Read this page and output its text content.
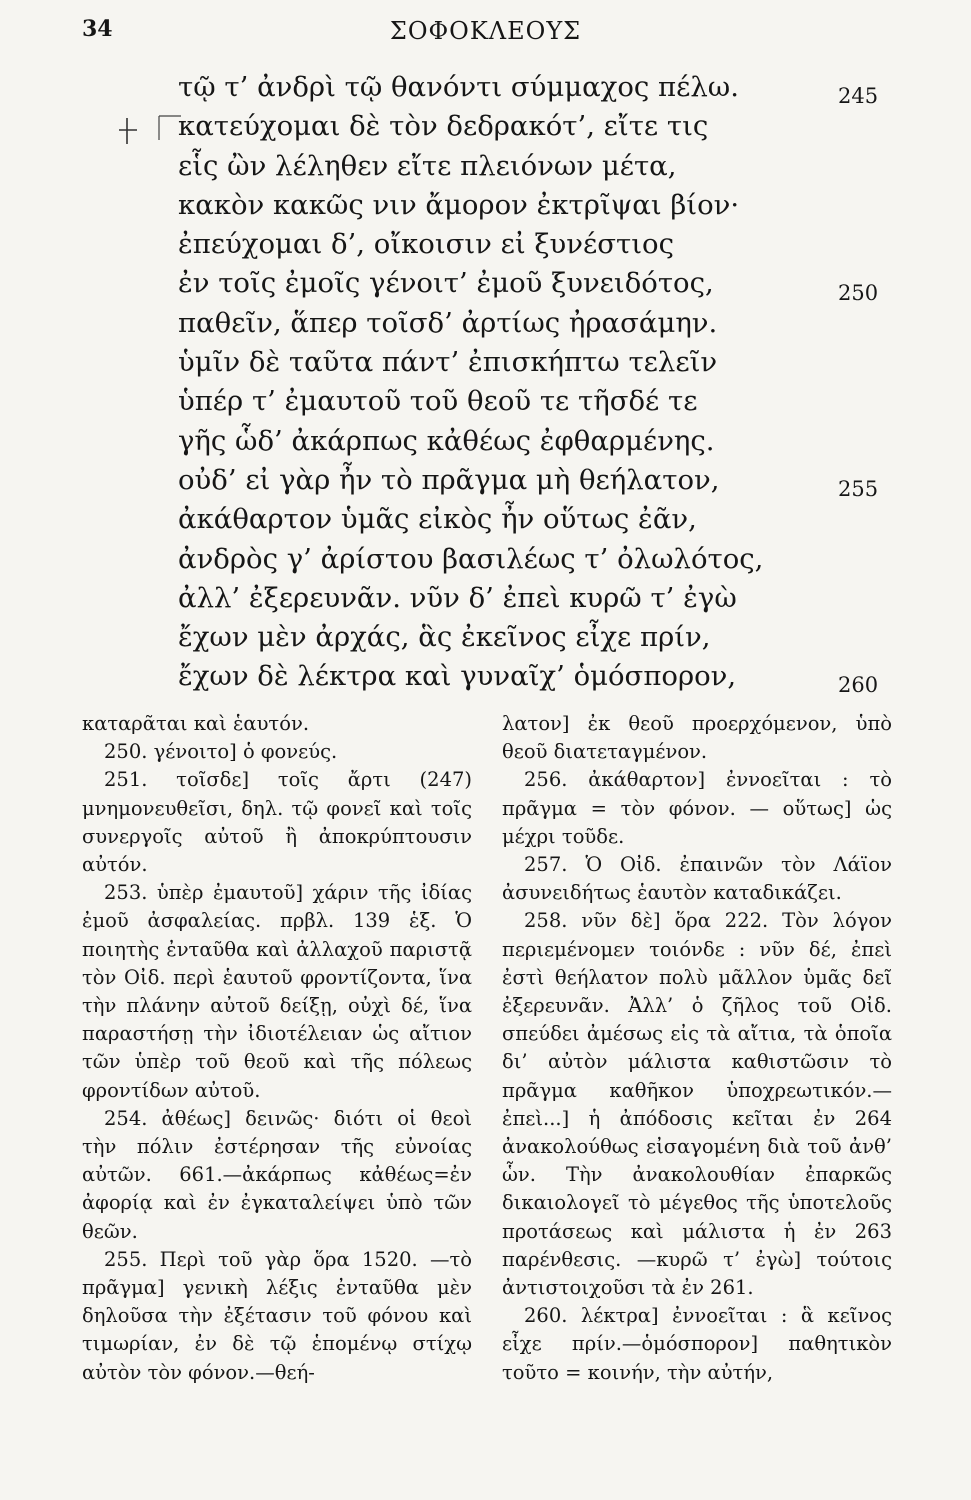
34	ΣΟΦΟΚΛΕΟΥΣ
τῷ τ’ ἀνδρὶ τῷ θανόντι σύμμαχος πέλω.
κατεύχομαι δὲ τὸν δεδρακότ’, εἴτε τις
εἷς ὢν λέληθεν εἴτε πλειόνων μέτα,
κακὸν κακῶς νιν ἄμορον ἐκτρῖψαι βίον·
ἐπεύχομαι δ’, οἴκοισιν εἰ ξυνέστιος
ἐν τοῖς ἐμοῖς γένοιτ’ ἐμοῦ ξυνειδότος,
παθεῖν, ἅπερ τοῖσδ’ ἀρτίως ἠρασάμην.
ὑμῖν δὲ ταῦτα πάντ’ ἐπισκήπτω τελεῖν
ὑπέρ τ’ ἐμαυτοῦ τοῦ θεοῦ τε τῆσδέ τε
γῆς ὧδ’ ἀκάρπως κἀθέως ἐφθαρμένης.
οὐδ’ εἰ γὰρ ἦν τὸ πρᾶγμα μὴ θεήλατον,
ἀκάθαρτον ὑμᾶς εἰκὸς ἦν οὕτως ἐᾶν,
ἀνδρὸς γ’ ἀρίστου βασιλέως τ’ ὀλωλότος,
ἀλλ’ ἐξερευνᾶν. νῦν δ’ ἐπεὶ κυρῶ τ’ ἐγὼ
ἔχων μὲν ἀρχάς, ἃς ἐκεῖνος εἶχε πρίν,
ἔχων δὲ λέκτρα καὶ γυναῖχ’ ὁμόσπορον,
245
250
255
260

καταρᾶται καὶ ἑαυτόν.

250. γένοιτο] ὁ φονεύς.

251. τοῖσδε] τοῖς ἄρτι (247) μνημονευθεῖσι, δηλ. τῷ φονεῖ καὶ τοῖς συνεργοῖς αὐτοῦ ἢ ἀποκρύπτουσιν αὐτόν.

253. ὑπὲρ ἐμαυτοῦ] χάριν τῆς ἰδίας ἐμοῦ ἀσφαλείας. πρβλ. 139 ἑξ. Ὁ ποιητὴς ἐνταῦθα καὶ ἀλλαχοῦ παριστᾷ τὸν Οἰδ. περὶ ἑαυτοῦ φροντίζοντα, ἵνα τὴν πλάνην αὐτοῦ δείξῃ, οὐχὶ δέ, ἵνα παραστήσῃ τὴν ἰδιοτέλειαν ὡς αἴτιον τῶν ὑπὲρ τοῦ θεοῦ καὶ τῆς πόλεως φροντίδων αὐτοῦ.

254. ἀθέως] δεινῶς· διότι οἱ θεοὶ τὴν πόλιν ἐστέρησαν τῆς εὐνοίας αὐτῶν. 661.—ἀκάρπως κἀθέως=ἐν ἀφορίᾳ καὶ ἐν ἐγκαταλείψει ὑπὸ τῶν θεῶν.

255. Περὶ τοῦ γὰρ ὅρα 1520. —τὸ πρᾶγμα] γενικὴ λέξις ἐνταῦθα μὲν δηλοῦσα τὴν ἐξέτασιν τοῦ φόνου καὶ τιμωρίαν, ἐν δὲ τῷ ἑπομένῳ στίχῳ αὐτὸν τὸν φόνον.—θεή-

λατον] ἐκ θεοῦ προερχόμενον, ὑπὸ θεοῦ διατεταγμένον.

256. ἀκάθαρτον] ἐννοεῖται : τὸ πρᾶγμα = τὸν φόνον. — οὕτως] ὡς μέχρι τοῦδε.

257. Ὁ Οἰδ. ἐπαινῶν τὸν Λάϊον ἀσυνειδήτως ἑαυτὸν καταδικάζει.

258. νῦν δὲ] ὅρα 222. Τὸν λόγον περιεμένομεν τοιόνδε : νῦν δέ, ἐπεὶ ἐστὶ θεήλατον πολὺ μᾶλλον ὑμᾶς δεῖ ἐξερευνᾶν. Ἀλλ’ ὁ ζῆλος τοῦ Οἰδ. σπεύδει ἀμέσως εἰς τὰ αἴτια, τὰ ὁποῖα δι’ αὐτὸν μάλιστα καθιστῶσιν τὸ πρᾶγμα καθῆκον ὑποχρεωτικόν.—ἐπεὶ...] ἡ ἀπόδοσις κεῖται ἐν 264 ἀνακολούθως εἰσαγομένη διὰ τοῦ ἀνθ’ ὧν. Τὴν ἀνακολουθίαν ἐπαρκῶς δικαιολογεῖ τὸ μέγεθος τῆς ὑποτελοῦς προτάσεως καὶ μάλιστα ἡ ἐν 263 παρένθεσις. —κυρῶ τ’ ἐγὼ] τούτοις ἀντιστοιχοῦσι τὰ ἐν 261.

260. λέκτρα] ἐννοεῖται : ἃ κεῖνος εἶχε πρίν.—ὁμόσπορον] παθητικὸν τοῦτο = κοινήν, τὴν αὐτήν,
